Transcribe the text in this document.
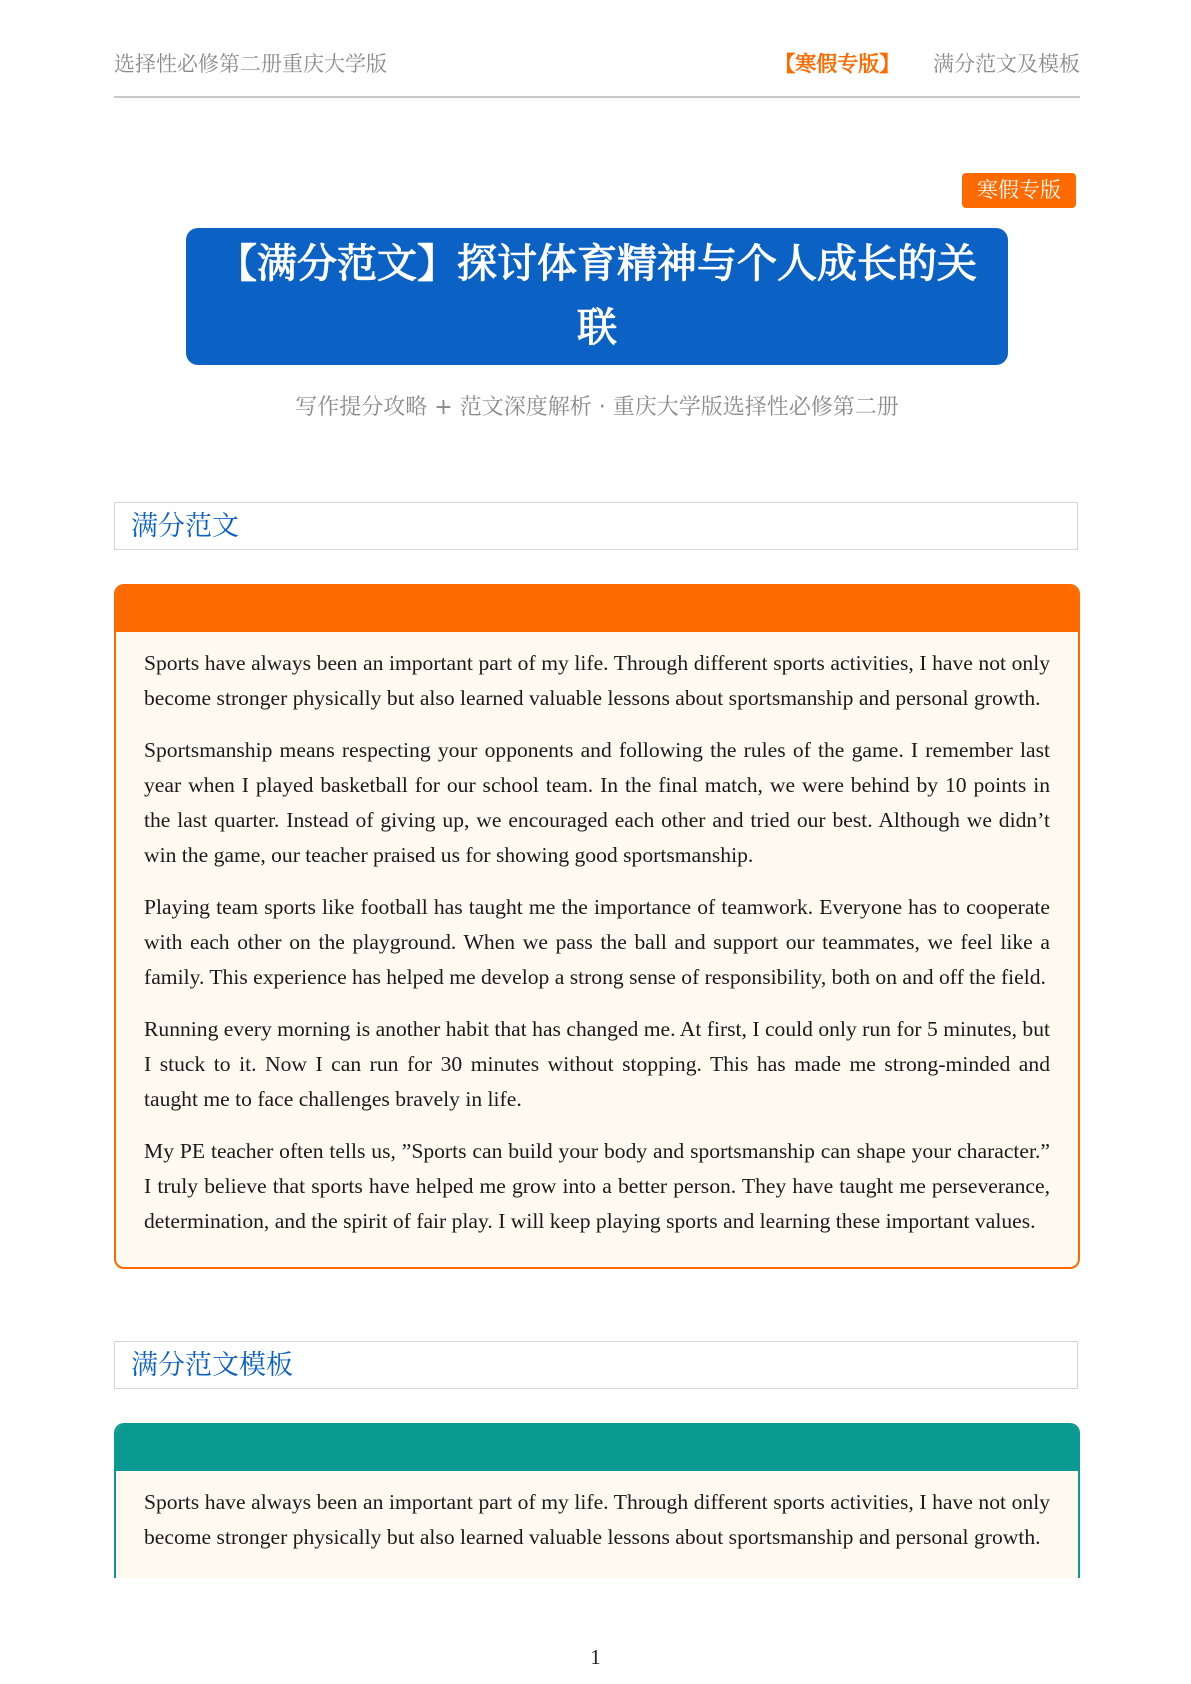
选择性必修第二册重庆大学版	【寒假专版】 满分范文及模板
寒假专版
【满分范文】探讨体育精神与个人成长的关联
写作提分攻略 + 范文深度解析 · 重庆大学版选择性必修第二册
满分范文

Sports have always been an important part of my life. Through different sports activities, I have not only become stronger physically but also learned valuable lessons about sportsmanship and personal growth.

Sportsmanship means respecting your opponents and following the rules of the game. I remember last year when I played basketball for our school team. In the final match, we were behind by 10 points in the last quarter. Instead of giving up, we encouraged each other and tried our best. Although we didn’t win the game, our teacher praised us for showing good sportsmanship.

Playing team sports like football has taught me the importance of teamwork. Everyone has to cooperate with each other on the playground. When we pass the ball and support our teammates, we feel like a family. This experience has helped me develop a strong sense of responsibility, both on and off the field.

Running every morning is another habit that has changed me. At first, I could only run for 5 minutes, but I stuck to it. Now I can run for 30 minutes without stopping. This has made me strong-minded and taught me to face challenges bravely in life.

My PE teacher often tells us, ”Sports can build your body and sportsmanship can shape your character.” I truly believe that sports have helped me grow into a better person. They have taught me perseverance, determination, and the spirit of fair play. I will keep playing sports and learning these important values.

满分范文模板

Sports have always been an important part of my life. Through different sports activities, I have not only become stronger physically but also learned valuable lessons about sportsmanship and personal growth.

1
